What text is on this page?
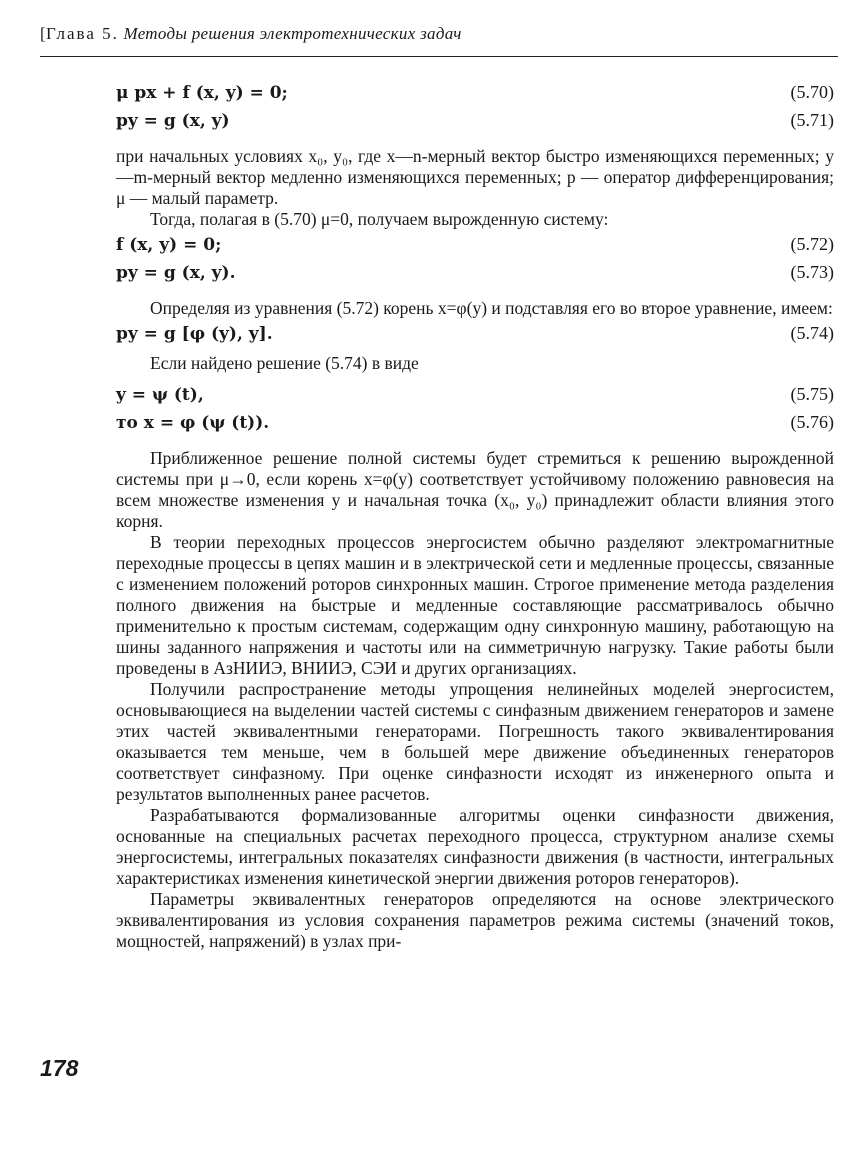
[Глава 5. Методы решения электротехнических задач
μ px + f (x, y) = 0;	(5.70)
py = g (x, y)	(5.71)

при начальных условиях x₀, y₀, где x—n-мерный вектор быстро изменяющихся переменных; y—m-мерный вектор медленно изменяющихся переменных; p — оператор дифференцирования; μ — малый параметр.

Тогда, полагая в (5.70) μ=0, получаем вырожденную систему:

f (x, y) = 0;	(5.72)
py = g (x, y).	(5.73)

Определяя из уравнения (5.72) корень x=φ(y) и подставляя его во второе уравнение, имеем:

py = g [φ (y), y].	(5.74)

Если найдено решение (5.74) в виде

y = ψ (t),	(5.75)
то x = φ (ψ (t)).	(5.76)

Приближенное решение полной системы будет стремиться к решению вырожденной системы при μ→0, если корень x=φ(y) соответствует устойчивому положению равновесия на всем множестве изменения y и начальная точка (x₀, y₀) принадлежит области влияния этого корня.

В теории переходных процессов энергосистем обычно разделяют электромагнитные переходные процессы в цепях машин и в электрической сети и медленные процессы, связанные с изменением положений роторов синхронных машин. Строгое применение метода разделения полного движения на быстрые и медленные составляющие рассматривалось обычно применительно к простым системам, содержащим одну синхронную машину, работающую на шины заданного напряжения и частоты или на симметричную нагрузку. Такие работы были проведены в АзНИИЭ, ВНИИЭ, СЭИ и других организациях.

Получили распространение методы упрощения нелинейных моделей энергосистем, основывающиеся на выделении частей системы с синфазным движением генераторов и замене этих частей эквивалентными генераторами. Погрешность такого эквивалентирования оказывается тем меньше, чем в большей мере движение объединенных генераторов соответствует синфазному. При оценке синфазности исходят из инженерного опыта и результатов выполненных ранее расчетов.

Разрабатываются формализованные алгоритмы оценки синфазности движения, основанные на специальных расчетах переходного процесса, структурном анализе схемы энергосистемы, интегральных показателях синфазности движения (в частности, интегральных характеристиках изменения кинетической энергии движения роторов генераторов).

Параметры эквивалентных генераторов определяются на основе электрического эквивалентирования из условия сохранения параметров режима системы (значений токов, мощностей, напряжений) в узлах при-

178
